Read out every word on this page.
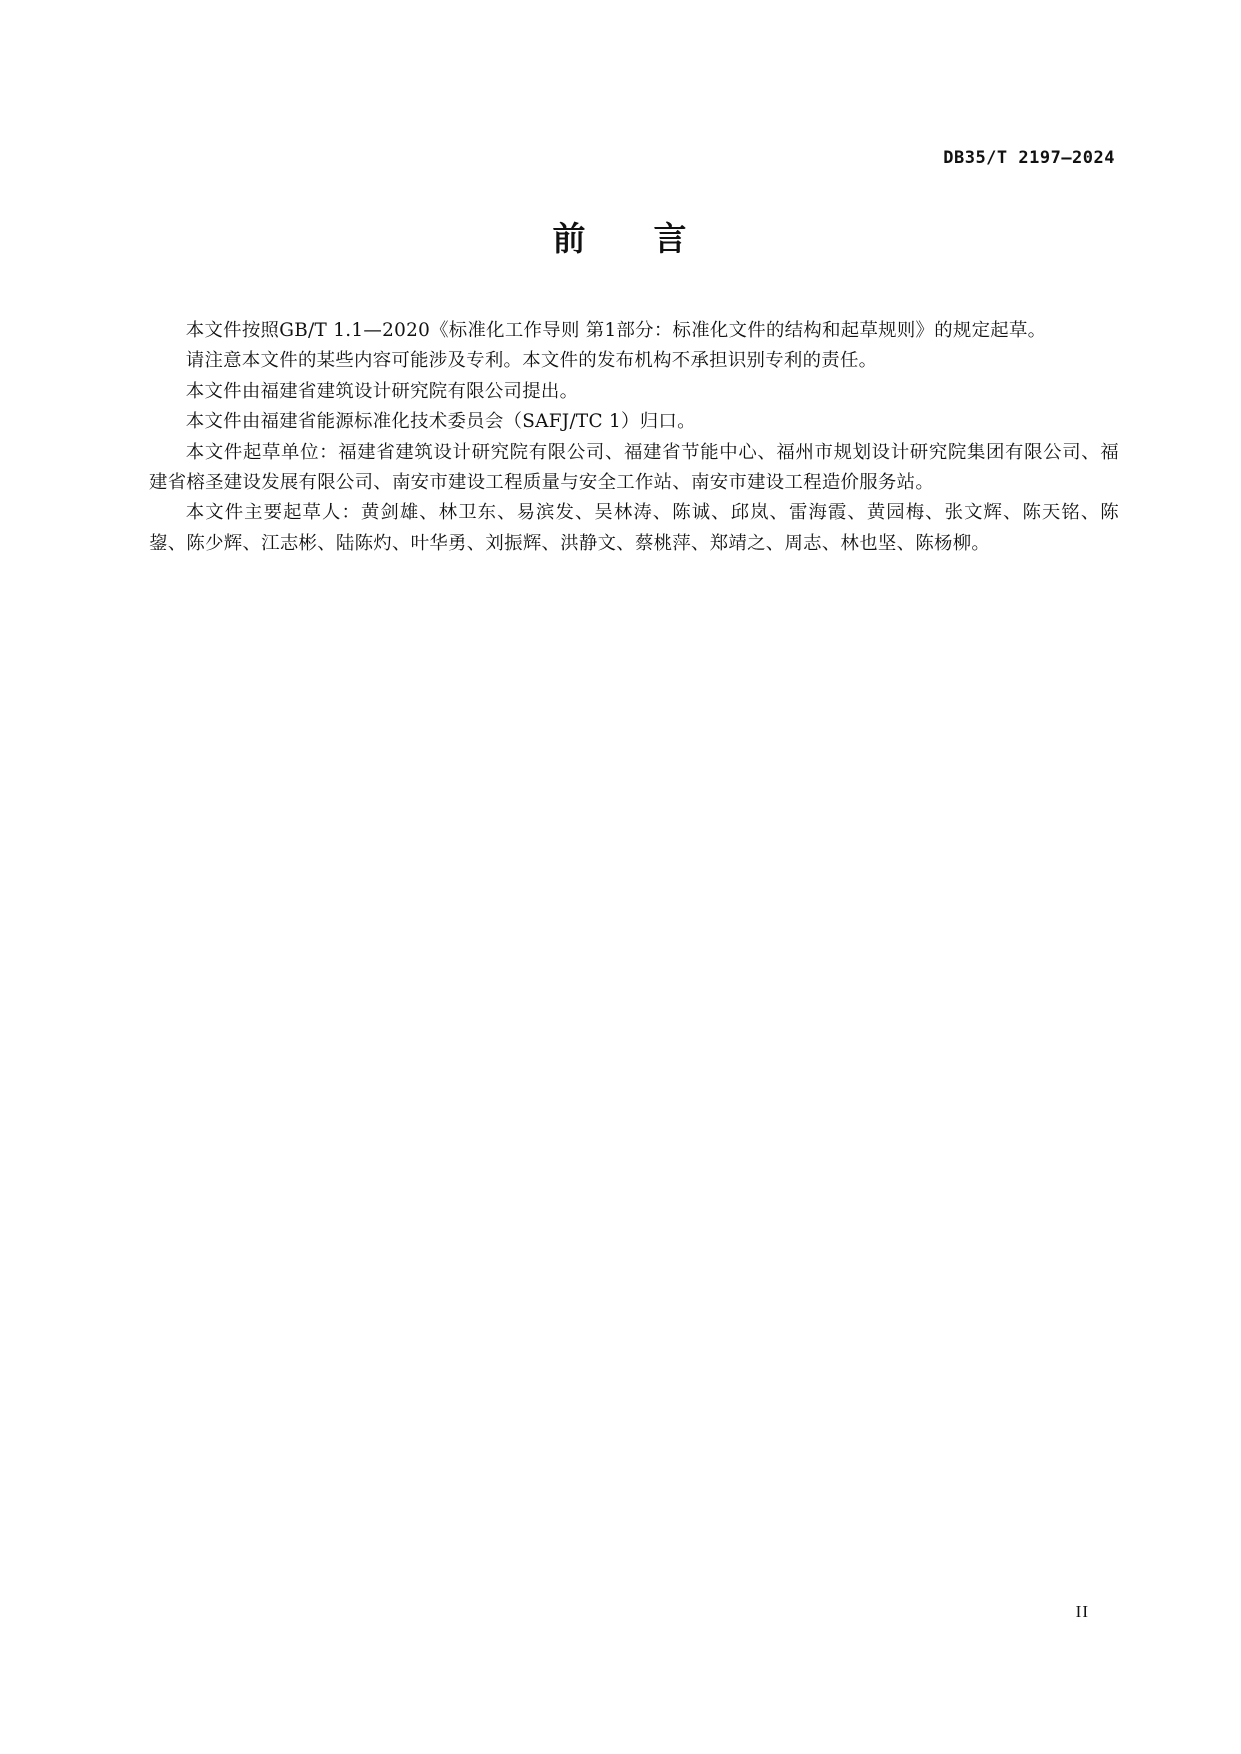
DB35/T 2197—2024
前 言

本文件按照GB/T 1.1—2020《标准化工作导则 第1部分：标准化文件的结构和起草规则》的规定起草。

请注意本文件的某些内容可能涉及专利。本文件的发布机构不承担识别专利的责任。

本文件由福建省建筑设计研究院有限公司提出。

本文件由福建省能源标准化技术委员会（SAFJ/TC 1）归口。

本文件起草单位：福建省建筑设计研究院有限公司、福建省节能中心、福州市规划设计研究院集团有限公司、福建省榕圣建设发展有限公司、南安市建设工程质量与安全工作站、南安市建设工程造价服务站。

本文件主要起草人：黄剑雄、林卫东、易滨发、吴林涛、陈诚、邱岚、雷海霞、黄园梅、张文辉、陈天铭、陈鋆、陈少辉、江志彬、陆陈灼、叶华勇、刘振辉、洪静文、蔡桃萍、郑靖之、周志、林也坚、陈杨柳。

II
